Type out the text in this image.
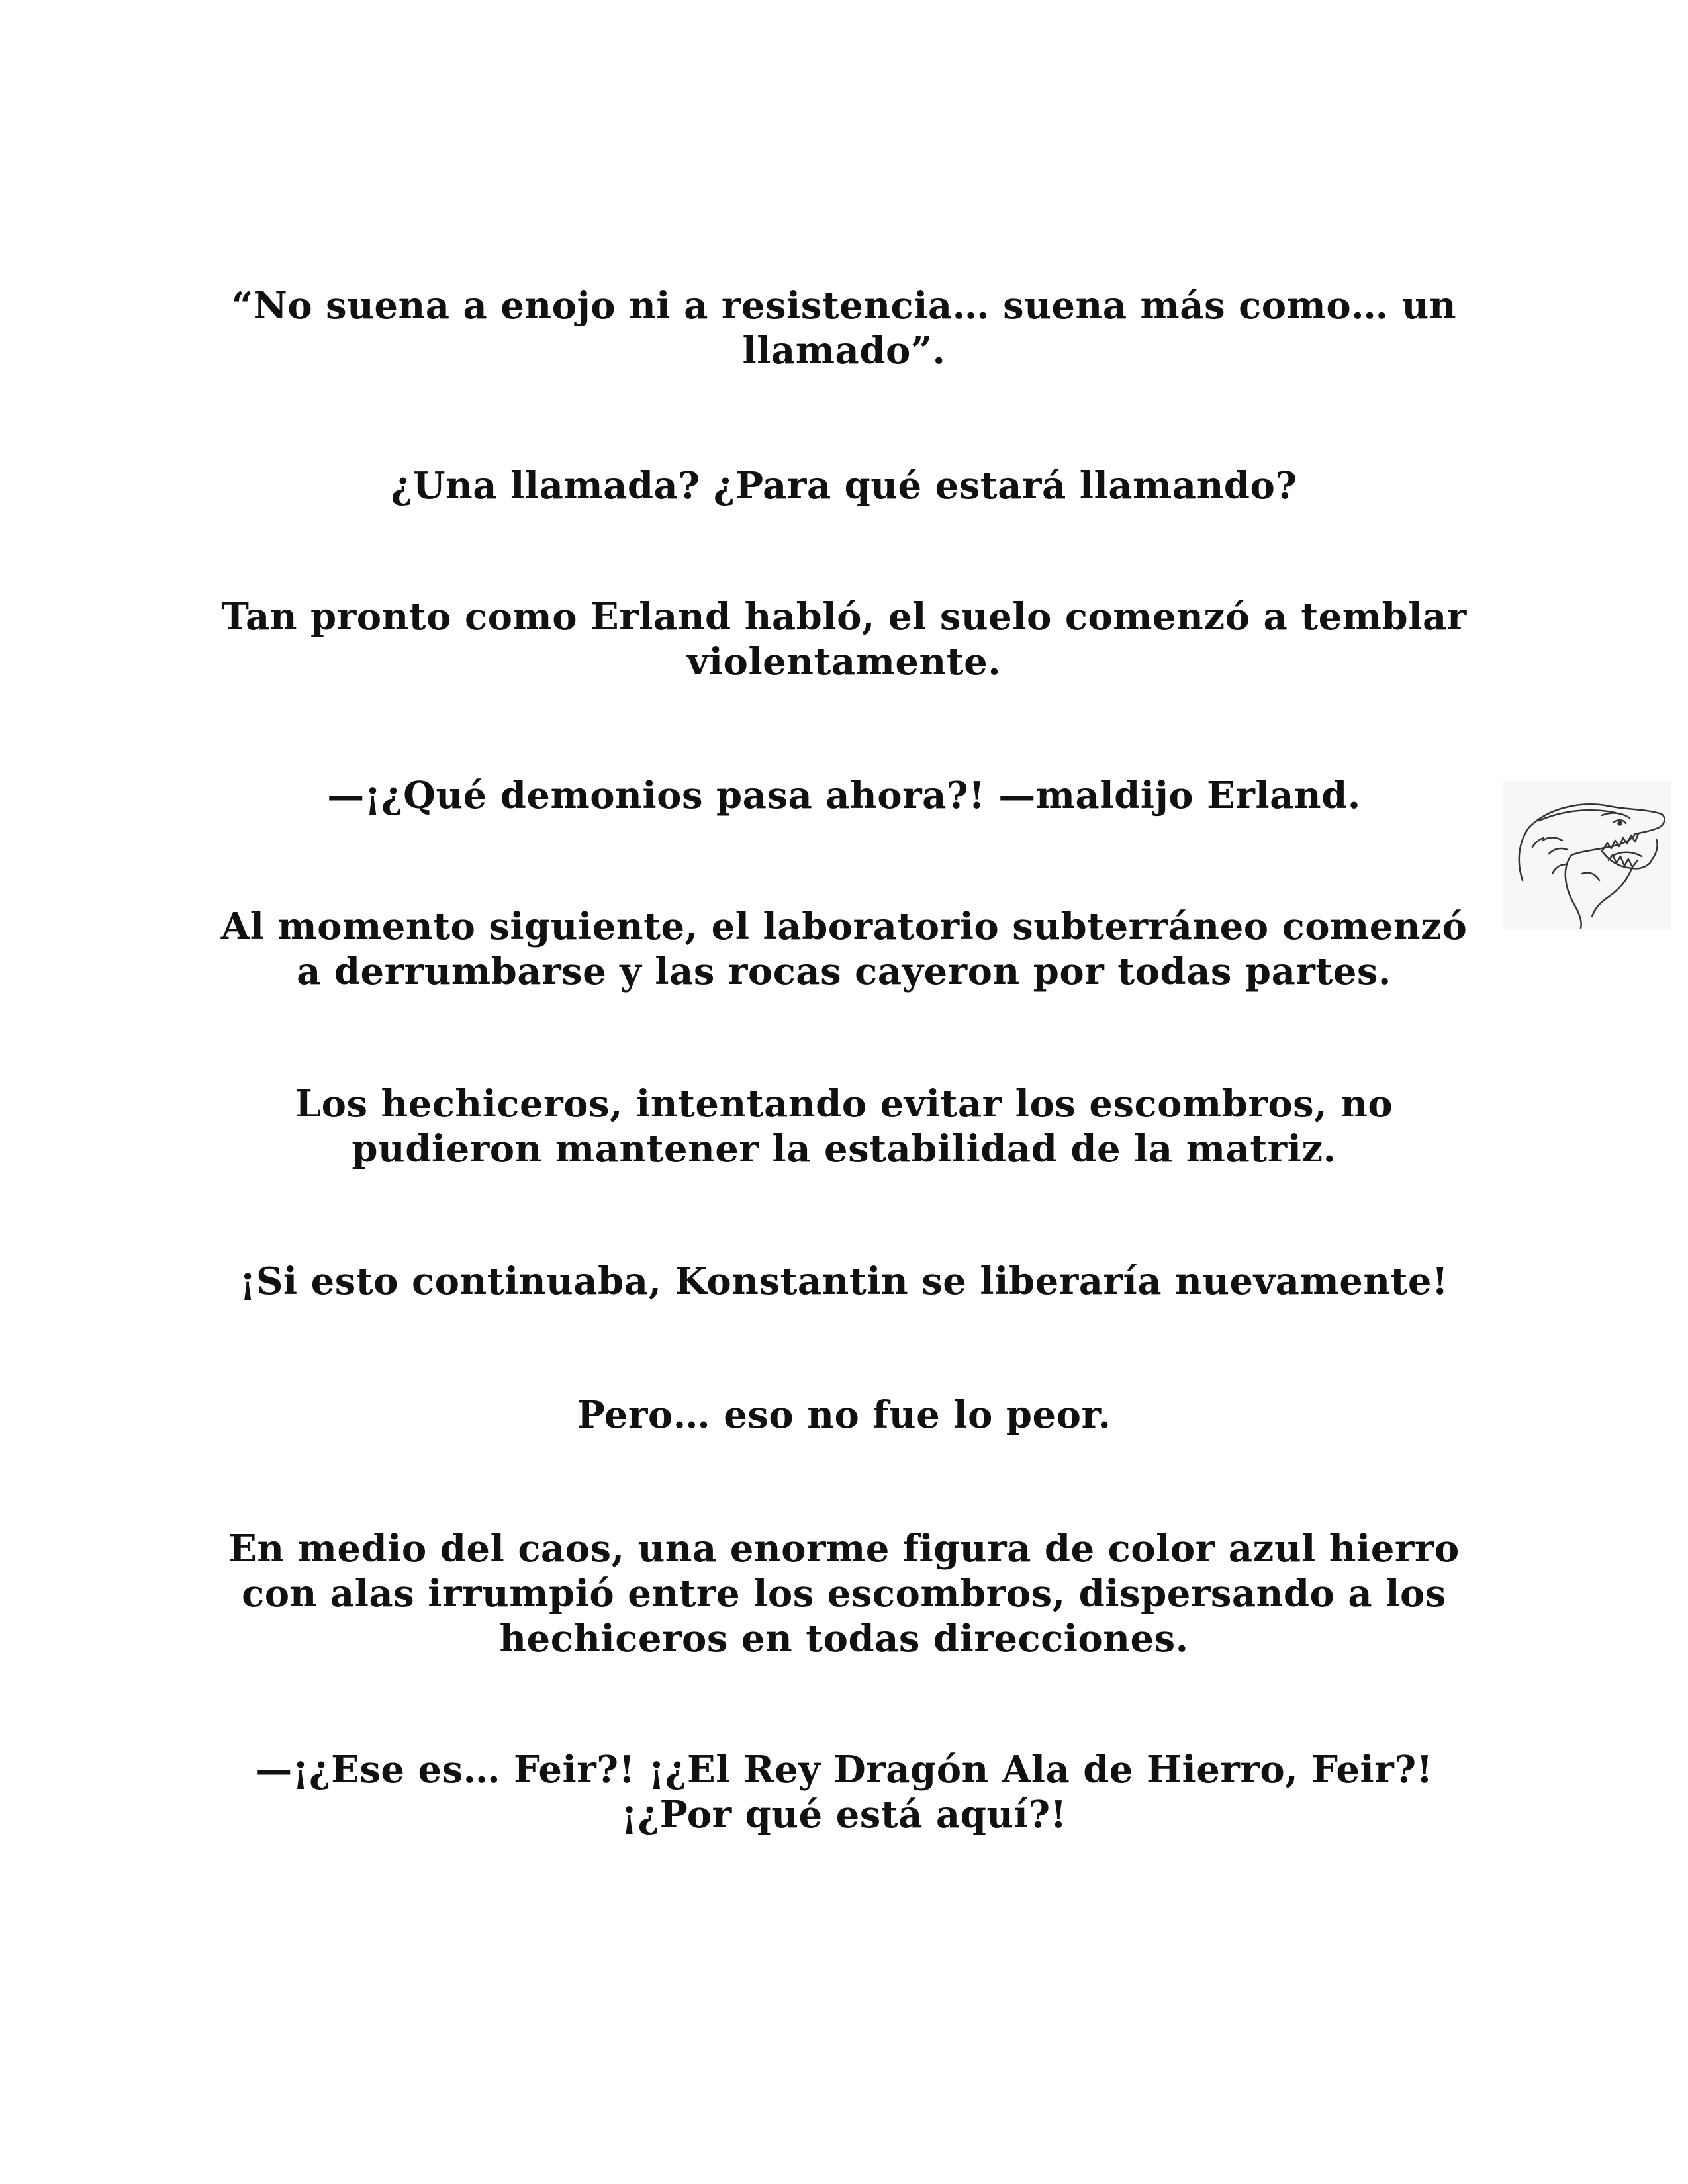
“No suena a enojo ni a resistencia… suena más como… un llamado”.

¿Una llamada? ¿Para qué estará llamando?

Tan pronto como Erland habló, el suelo comenzó a temblar violentamente.

—¡¿Qué demonios pasa ahora?! —maldijo Erland.

Al momento siguiente, el laboratorio subterráneo comenzó a derrumbarse y las rocas cayeron por todas partes.

Los hechiceros, intentando evitar los escombros, no pudieron mantener la estabilidad de la matriz.

¡Si esto continuaba, Konstantin se liberaría nuevamente!

Pero… eso no fue lo peor.

En medio del caos, una enorme figura de color azul hierro con alas irrumpió entre los escombros, dispersando a los hechiceros en todas direcciones.

—¡¿Ese es… Feir?! ¡¿El Rey Dragón Ala de Hierro, Feir?! ¡¿Por qué está aquí?!
